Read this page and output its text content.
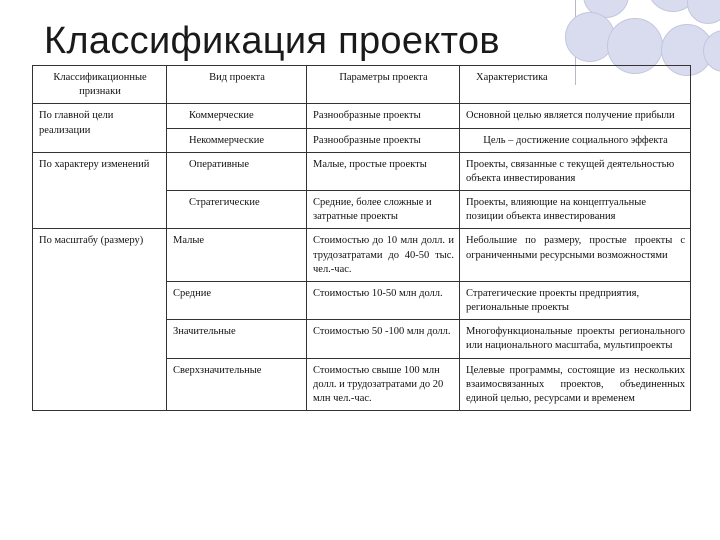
Классификация проектов
Классификационные признаки	Вид проекта	Параметры проекта	Характеристика
По главной цели реализации	Коммерческие	Разнообразные проекты	Основной целью является получение прибыли
	Некоммерческие	Разнообразные проекты	Цель – достижение социального эффекта
По характеру изменений	Оперативные	Малые, простые проекты	Проекты, связанные с текущей деятельностью объекта инвестирования
	Стратегические	Средние, более сложные и затратные проекты	Проекты, влияющие на концептуальные позиции объекта инвестирования
По масштабу (размеру)	Малые	Стоимостью до 10 млн долл. и трудозатратами до 40-50 тыс. чел.-час.	Небольшие по размеру, простые проекты с ограниченными ресурсными возможностями
	Средние	Стоимостью 10-50 млн долл.	Стратегические проекты предприятия, региональные проекты
	Значительные	Стоимостью 50 -100 млн долл.	Многофункциональные проекты регионального или национального масштаба, мультипроекты
	Сверхзначительные	Стоимостью свыше 100 млн долл. и трудозатратами до 20 млн чел.-час.	Целевые программы, состоящие из нескольких взаимосвязанных проектов, объединенных единой целью, ресурсами и временем
